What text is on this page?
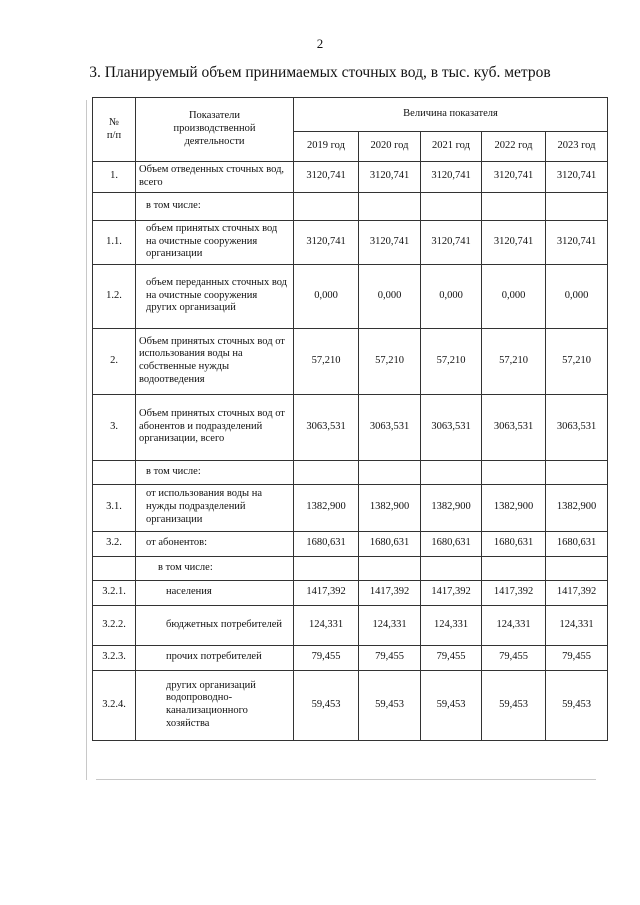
2
3. Планируемый объем принимаемых сточных вод, в тыс. куб. метров
№
п/п	Показатели
производственной
деятельности	Величина показателя				
		2019 год	2020 год	2021 год	2022 год	2023 год
1.	Объем отведенных сточных вод, всего	3120,741	3120,741	3120,741	3120,741	3120,741
	в том числе:					
1.1.	объем принятых сточных вод на очистные сооружения организации	3120,741	3120,741	3120,741	3120,741	3120,741
1.2.	объем переданных сточных вод на очистные сооружения других организаций	0,000	0,000	0,000	0,000	0,000
2.	Объем принятых сточных вод от использования воды на собственные нужды водоотведения	57,210	57,210	57,210	57,210	57,210
3.	Объем принятых сточных вод от абонентов и подразделений организации, всего	3063,531	3063,531	3063,531	3063,531	3063,531
	в том числе:					
3.1.	от использования воды на нужды подразделений организации	1382,900	1382,900	1382,900	1382,900	1382,900
3.2.	от абонентов:	1680,631	1680,631	1680,631	1680,631	1680,631
	в том числе:					
3.2.1.	населения	1417,392	1417,392	1417,392	1417,392	1417,392
3.2.2.	бюджетных потребителей	124,331	124,331	124,331	124,331	124,331
3.2.3.	прочих потребителей	79,455	79,455	79,455	79,455	79,455
3.2.4.	других организаций водопроводно-канализационного хозяйства	59,453	59,453	59,453	59,453	59,453
